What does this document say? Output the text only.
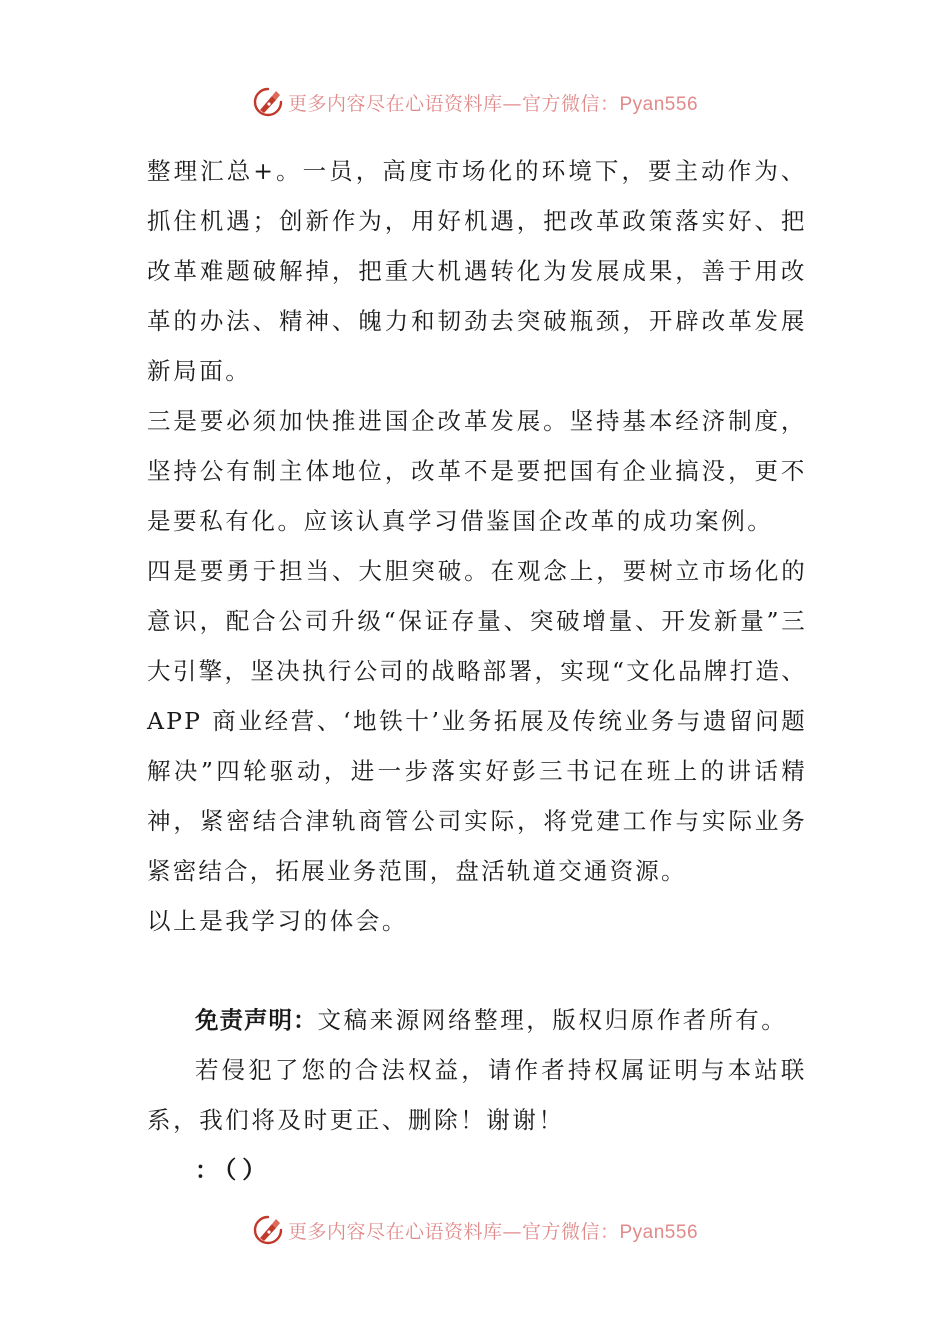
更多内容尽在心语资料库—官方微信：Pyan556

整理汇总+。一员，高度市场化的环境下，要主动作为、抓住机遇；创新作为，用好机遇，把改革政策落实好、把改革难题破解掉，把重大机遇转化为发展成果，善于用改革的办法、精神、魄力和韧劲去突破瓶颈，开辟改革发展新局面。

三是要必须加快推进国企改革发展。坚持基本经济制度，坚持公有制主体地位，改革不是要把国有企业搞没，更不是要私有化。应该认真学习借鉴国企改革的成功案例。

四是要勇于担当、大胆突破。在观念上，要树立市场化的意识，配合公司升级“保证存量、突破增量、开发新量”三大引擎，坚决执行公司的战略部署，实现“文化品牌打造、APP 商业经营、‘地铁十’业务拓展及传统业务与遗留问题解决”四轮驱动，进一步落实好彭三书记在班上的讲话精神，紧密结合津轨商管公司实际，将党建工作与实际业务紧密结合，拓展业务范围，盘活轨道交通资源。

以上是我学习的体会。

免责声明：文稿来源网络整理，版权归原作者所有。

若侵犯了您的合法权益，请作者持权属证明与本站联系，我们将及时更正、删除！谢谢！

：（）
更多内容尽在心语资料库—官方微信：Pyan556
